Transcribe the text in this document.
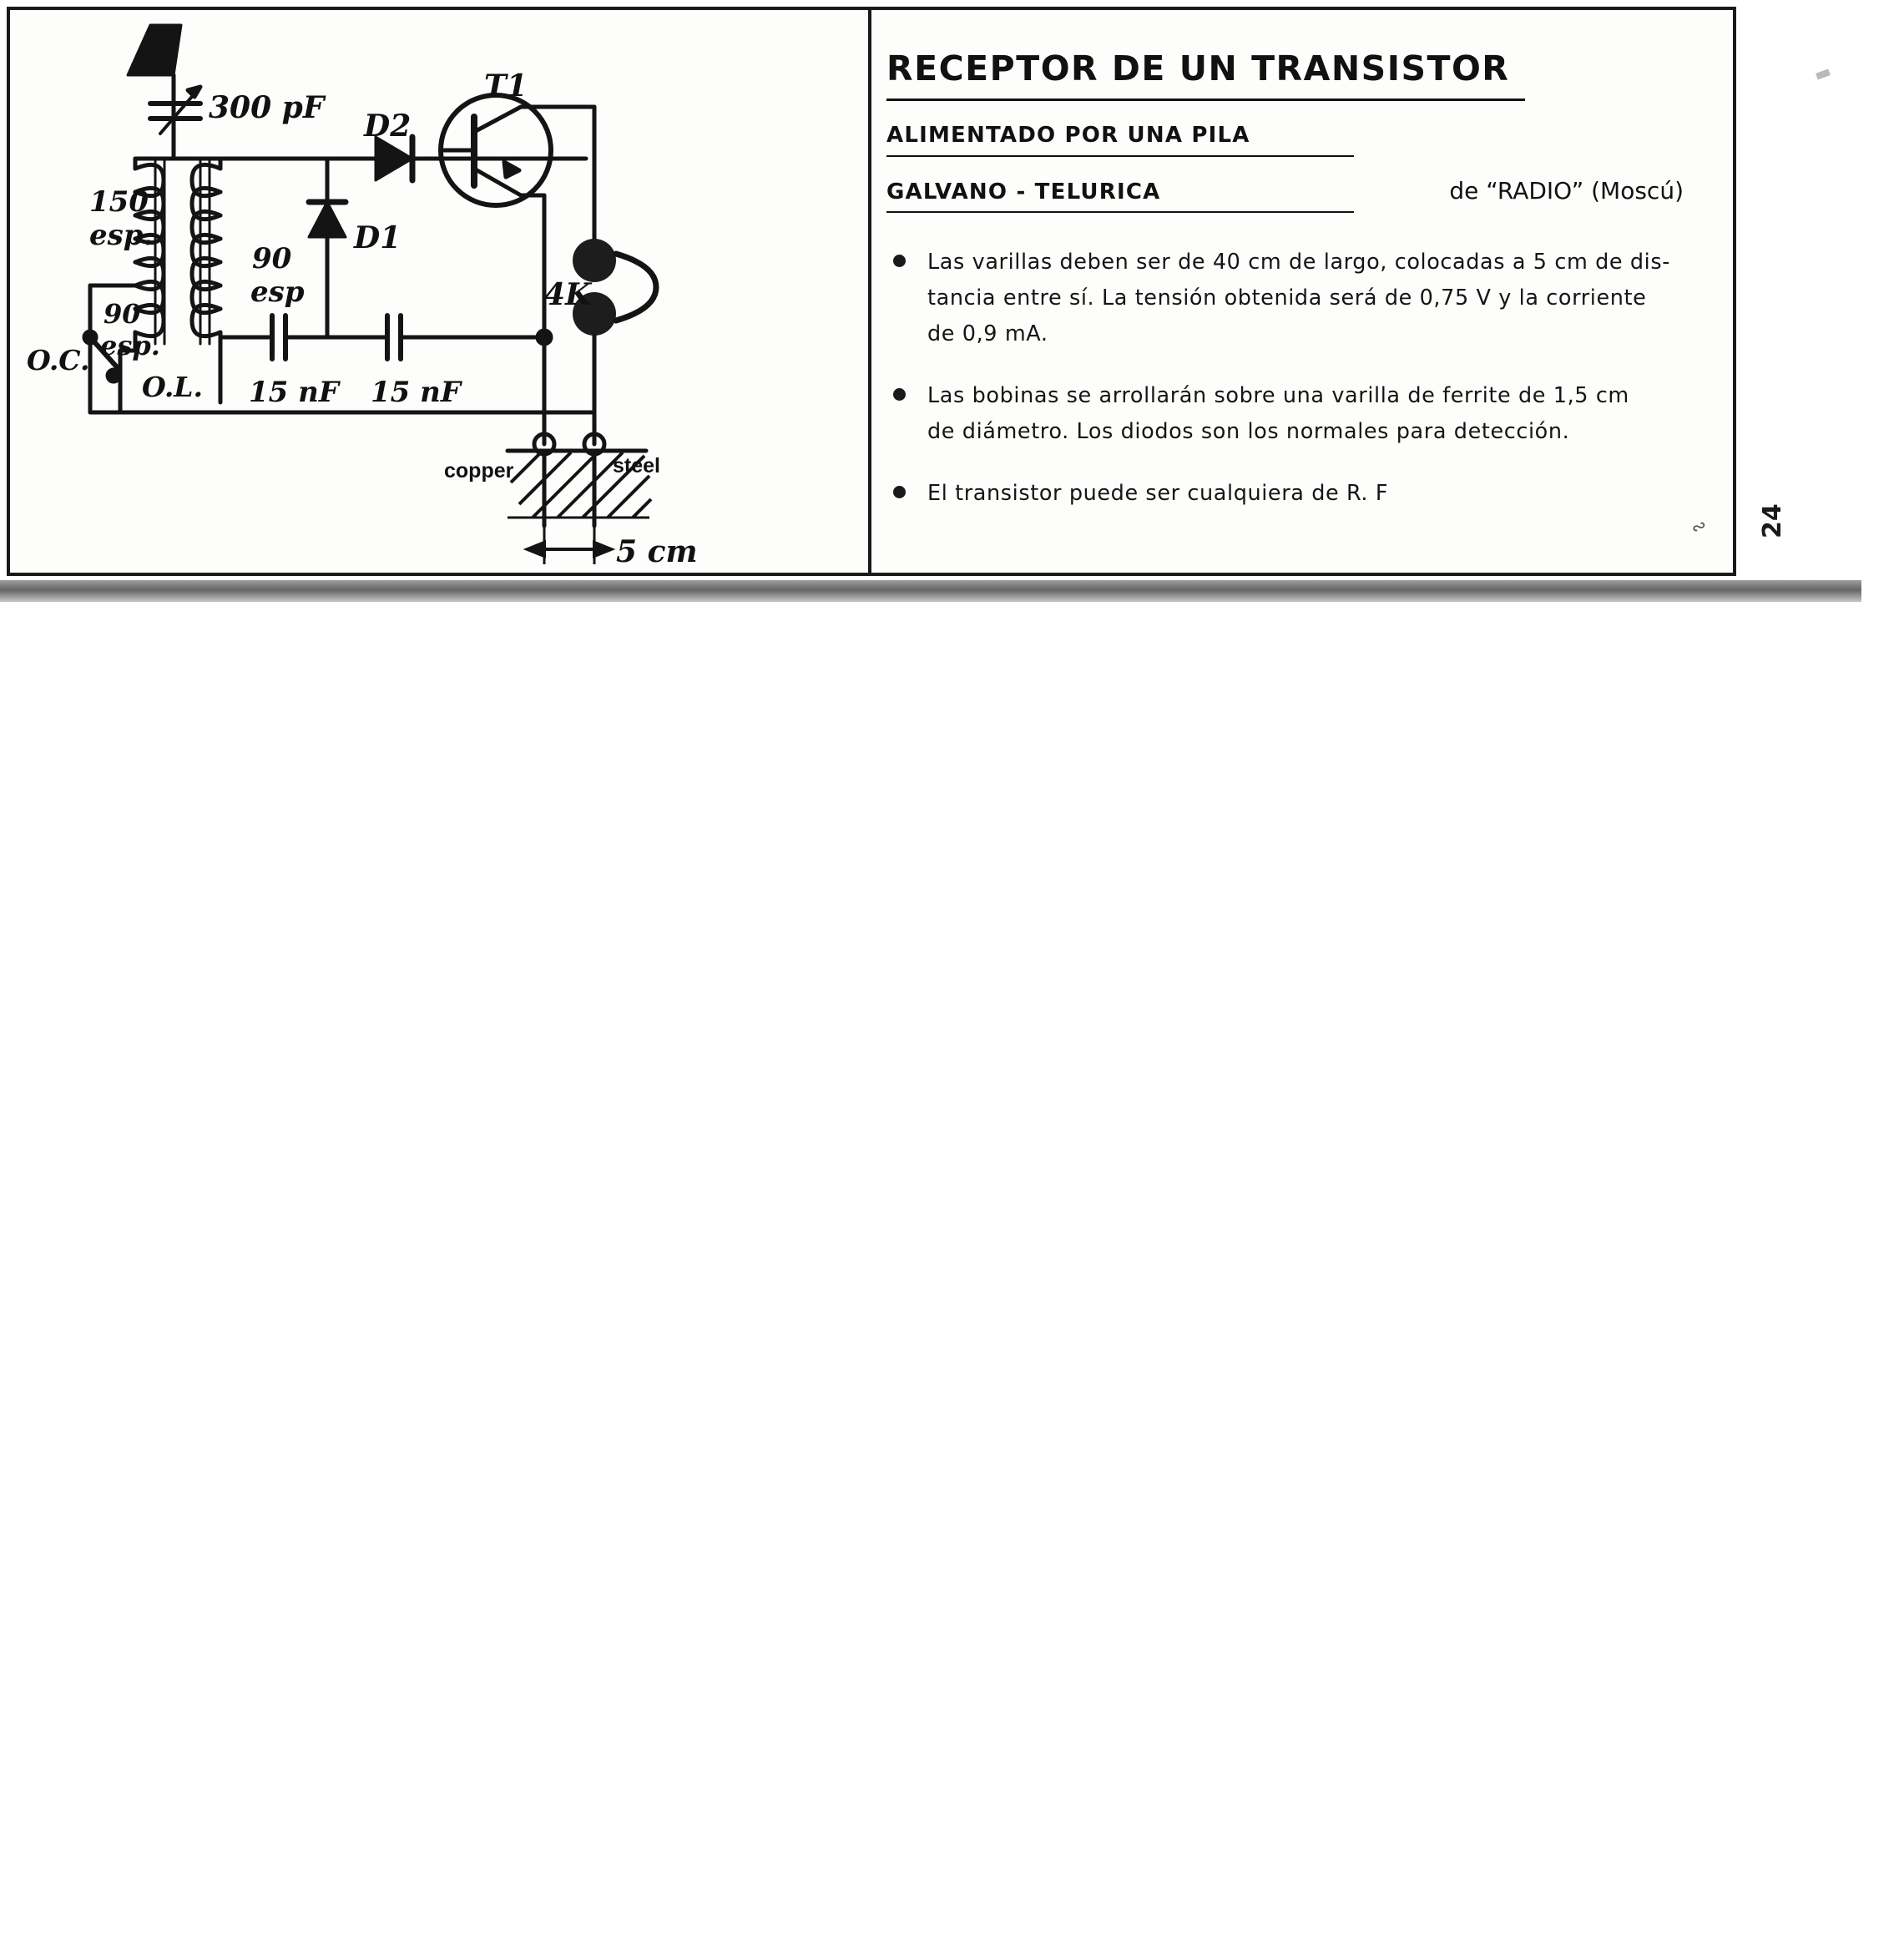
300 pF
150
esp.
90
esp
90
esp.
O.C.
O.L. 15 nF 15 nF
D1
D2
T1
4K
copper	steel
5 cm
RECEPTOR DE UN TRANSISTOR
ALIMENTADO POR UNA PILA
GALVANO - TELURICA	de “RADIO” (Moscú)
Las varillas deben ser de 40 cm de largo, colocadas a 5 cm de dis-
tancia entre sí. La tensión obtenida será de 0,75 V y la corriente
de 0,9 mA.
Las bobinas se arrollarán sobre una varilla de ferrite de 1,5 cm
de diámetro. Los diodos son los normales para detección.
El transistor puede ser cualquiera de R. F
∾ 24
